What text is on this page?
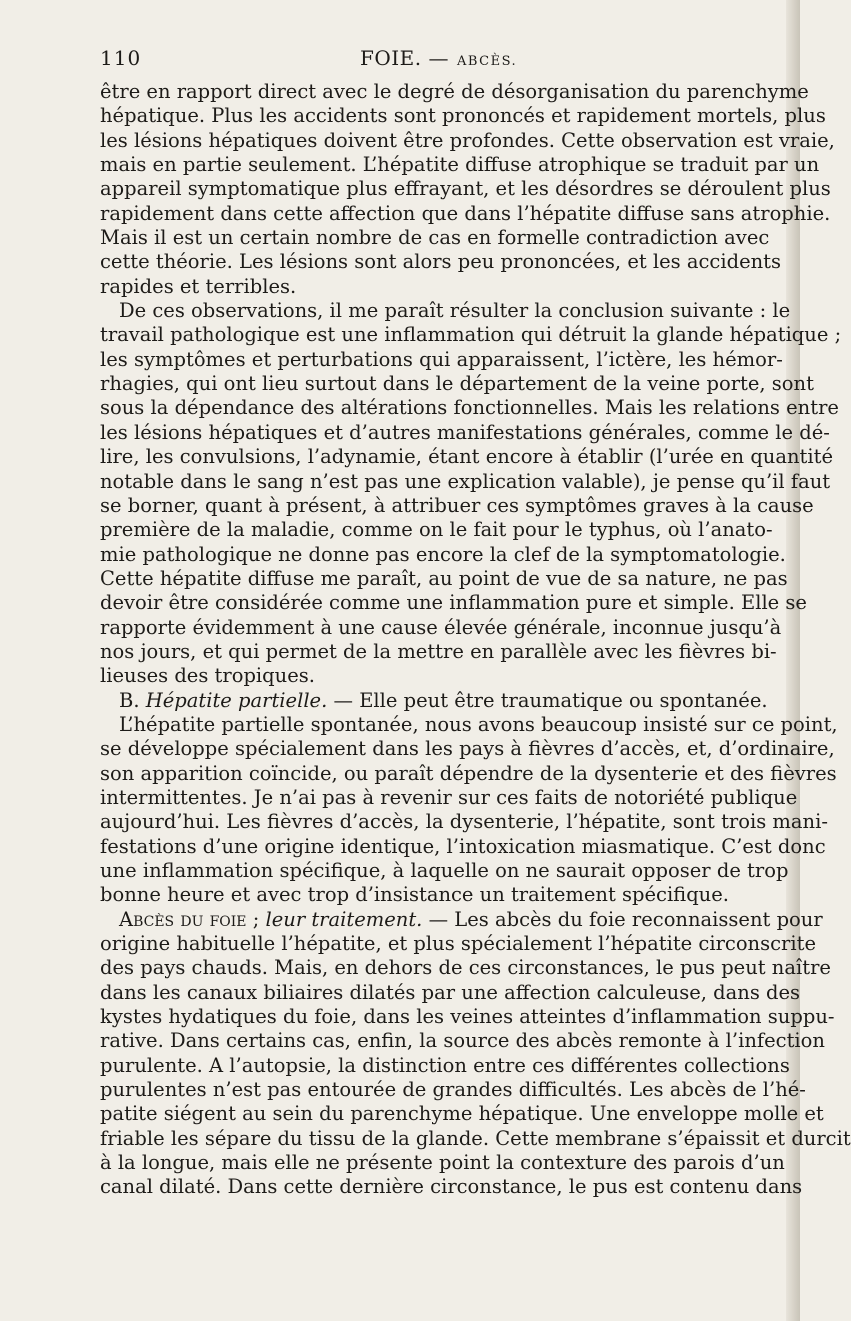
110	FOIE. — ABCÈS.
être en rapport direct avec le degré de désorganisation du parenchyme
hépatique. Plus les accidents sont prononcés et rapidement mortels, plus
les lésions hépatiques doivent être profondes. Cette observation est vraie,
mais en partie seulement. L’hépatite diffuse atrophique se traduit par un
appareil symptomatique plus effrayant, et les désordres se déroulent plus
rapidement dans cette affection que dans l’hépatite diffuse sans atrophie.
Mais il est un certain nombre de cas en formelle contradiction avec
cette théorie. Les lésions sont alors peu prononcées, et les accidents
rapides et terribles.
De ces observations, il me paraît résulter la conclusion suivante : le
travail pathologique est une inflammation qui détruit la glande hépatique ;
les symptômes et perturbations qui apparaissent, l’ictère, les hémor-
rhagies, qui ont lieu surtout dans le département de la veine porte, sont
sous la dépendance des altérations fonctionnelles. Mais les relations entre
les lésions hépatiques et d’autres manifestations générales, comme le dé-
lire, les convulsions, l’adynamie, étant encore à établir (l’urée en quantité
notable dans le sang n’est pas une explication valable), je pense qu’il faut
se borner, quant à présent, à attribuer ces symptômes graves à la cause
première de la maladie, comme on le fait pour le typhus, où l’anato-
mie pathologique ne donne pas encore la clef de la symptomatologie.
Cette hépatite diffuse me paraît, au point de vue de sa nature, ne pas
devoir être considérée comme une inflammation pure et simple. Elle se
rapporte évidemment à une cause élevée générale, inconnue jusqu’à
nos jours, et qui permet de la mettre en parallèle avec les fièvres bi-
lieuses des tropiques.
B. Hépatite partielle. — Elle peut être traumatique ou spontanée.
L’hépatite partielle spontanée, nous avons beaucoup insisté sur ce point,
se développe spécialement dans les pays à fièvres d’accès, et, d’ordinaire,
son apparition coïncide, ou paraît dépendre de la dysenterie et des fièvres
intermittentes. Je n’ai pas à revenir sur ces faits de notoriété publique
aujourd’hui. Les fièvres d’accès, la dysenterie, l’hépatite, sont trois mani-
festations d’une origine identique, l’intoxication miasmatique. C’est donc
une inflammation spécifique, à laquelle on ne saurait opposer de trop
bonne heure et avec trop d’insistance un traitement spécifique.
Abcès du foie ; leur traitement. — Les abcès du foie reconnaissent pour
origine habituelle l’hépatite, et plus spécialement l’hépatite circonscrite
des pays chauds. Mais, en dehors de ces circonstances, le pus peut naître
dans les canaux biliaires dilatés par une affection calculeuse, dans des
kystes hydatiques du foie, dans les veines atteintes d’inflammation suppu-
rative. Dans certains cas, enfin, la source des abcès remonte à l’infection
purulente. A l’autopsie, la distinction entre ces différentes collections
purulentes n’est pas entourée de grandes difficultés. Les abcès de l’hé-
patite siégent au sein du parenchyme hépatique. Une enveloppe molle et
friable les sépare du tissu de la glande. Cette membrane s’épaissit et durcit
à la longue, mais elle ne présente point la contexture des parois d’un
canal dilaté. Dans cette dernière circonstance, le pus est contenu dans
